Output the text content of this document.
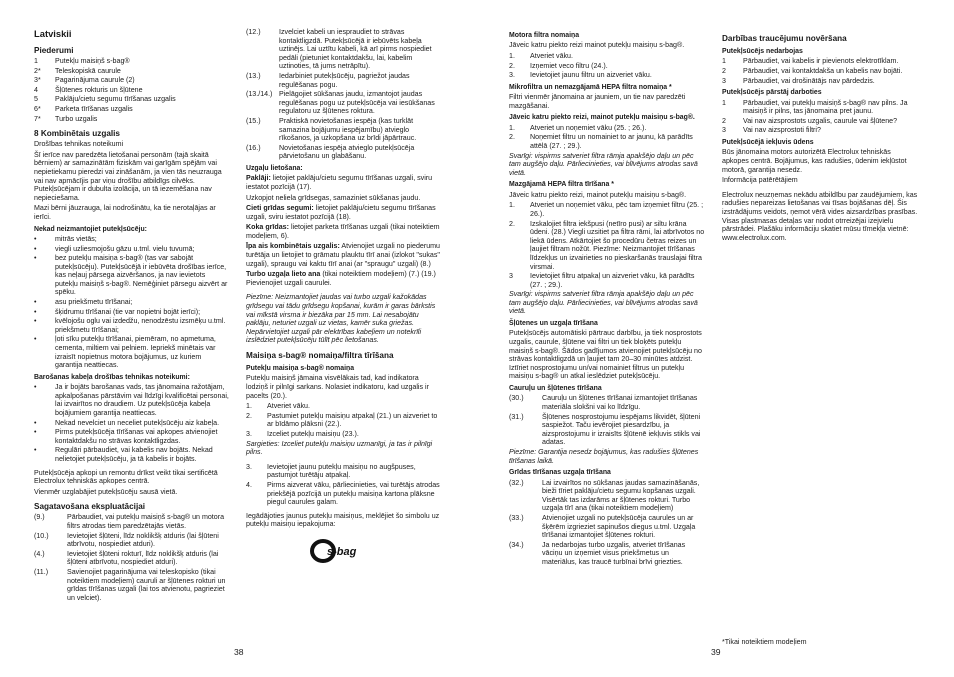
Latviskii
Piederumi
1	Putekļu maisiņš s-bag®
2*	Teleskopiskā caurule
3*	Pagarinājuma caurule (2)
4	Šļūtenes rokturis un šļūtene
5	Paklāju/cietu segumu tīrīšanas uzgalis
6*	Parketa tīrīšanas uzgalis
7*	Turbo uzgalis
8 Kombinētais uzgalis
Drošības tehnikas noteikumi
Šī ierīce nav paredzēta lietošanai personām (tajā skaitā bērniem) ar samazinātām fiziskām vai garīgām spējām vai nepietiekamu pieredzi vai zināšanām, ja vien tās neuzrauga vai nav apmācījis par viņu drošību atbildīgs cilvēks. Putekļsūcējam ir dubulta izolācija, un tā iezemēšana nav nepieciešama.
Mazi bērni jāuzrauga, lai nodrošinātu, ka tie nerotaļājas ar ierīci.
Nekad neizmantojiet putekļsūcēju:
•	mitrās vietās;
•	viegli uzliesmojošu gāzu u.tml. vielu tuvumā;
•	bez putekļu maisiņa s-bag® (tas var sabojāt putekļsūcēju). Putekļsūcējā ir iebūvēta drošības ierīce, kas neļauj pārsega aizvēršanos, ja nav ievietots putekļu maisiņš s-bag®. Nemēģiniet pārsegu aizvērt ar spēku.
•	asu priekšmetu tīrīšanai;
•	šķidrumu tīrīšanai (tie var nopietni bojāt ierīci);
•	kvēlojošu oglu vai izdedžu, nenodzēstu izsmēķu u.tml. priekšmetu tīrīšanai;
•	ļoti sīku putekļu tīrīšanai, piemēram, no apmetuma, cementa, miltiem vai pelniem. Iepriekš minētais var izraisīt nopietnus motora bojājumus, uz kuriem garantija neattiecas.
Barošanas kabeļa drošības tehnikas noteikumi:
•	Ja ir bojāts barošanas vads, tas jānomaina ražotājam, apkalpošanas pārstāvim vai līdzīgi kvalificētai personai, lai izvairītos no draudiem. Uz putekļsūcēja kabeļa bojājumiem garantija neattiecas.
•	Nekad nevelciet un neceliet putekļsūcēju aiz kabeļa.
•	Pirms putekļsūcēja tīrīšanas vai apkopes atvienojiet kontaktdakšu no strāvas kontaktligzdas.
•	Regulāri pārbaudiet, vai kabelis nav bojāts. Nekad nelietojiet putekļsūcēju, ja tā kabelis ir bojāts.
Putekļsūcēja apkopi un remontu drīkst veikt tikai sertificētā Electrolux tehniskās apkopes centrā.
Vienmēr uzglabājiet putekļsūcēju sausā vietā.
Sagatavošana ekspluatācijai
(9.)	Pārbaudiet, vai putekļu maisiņš s-bag® un motora filtrs atrodas tiem paredzētajās vietās.
(10.)	Ievietojiet šļūteni, līdz noklikšķ atduris (lai šļūteni atbrīvotu, nospiediet atduri).
(4.)	Ievietojiet šļūteni rokturī, līdz noklikšķ atduris (lai šļūteni atbrīvotu, nospiediet atduri).
(11.)	Savienojiet pagarinājuma vai teleskopisko (tikai noteiktiem modeļiem) cauruli ar šļūtenes rokturi un grīdas tīrīšanas uzgali (lai tos atvienotu, pagrieziet un velciet).
(12.)	Izvelciet kabeli un iespraudiet to strāvas kontaktligzdā. Putekļsūcējā ir iebūvēts kabeļa uztinējs. Lai uztītu kabeli, kā arī pirms nospiediet pedāli (pietuniet kontaktdakšu, lai, kabelim uztinoties, tā jums netrāpītu).
(13.)	Iedarbiniet putekļsūcēju, pagriežot jaudas regulēšanas pogu.
(13./14.) Pielāgojiet sūkšanas jaudu, izmantojot jaudas regulēšanas pogu uz putekļsūcēja vai iesūkšanas regulatoru uz šļūtenes roktura.
(15.)	Praktiskā novietošanas iespēja (kas turklāt samazina bojājumu iespējamību) atvieglo rīkošanos, ja uzkopšana uz brīdi jāpārtrauc.
(16.)	Novietošanas iespēja atvieglo putekļsūcēja pārvietošanu un glabāšanu.
Uzgaļu lietošana:
Paklāji: lietojiet paklāju/cietu segumu tīrīšanas uzgali, sviru iestatot pozīcijā (17).
Uzkopjot neliela grīdsegas, samaziniet sūkšanas jaudu.
Cieti grīdas segumi: lietojiet paklāju/cietu segumu tīrīšanas uzgali, sviru iestatot pozīcijā (18).
Koka grīdas: lietojiet parketa tīrīšanas uzgali (tikai noteiktiem modeļiem, 6).
Īpa ais kombinētais uzgalis: Atvienojiet uzgali no piederumu turētāja un lietojiet to grāmatu plauktu tīrī anai (izlokot "sukas" uzgali), spraugu vai kaktu tīrī anai (ar "spraugu" uzgali) (8.)
Turbo uzgaļa lieto ana (tikai noteiktiem modeļiem) (7.) (19.) Pievienojiet uzgali caurulei.
Piezīme: Neizmantojiet jaudas vai turbo uzgali kažokādas grīdsegu vai tādu grīdsegu kopšanai, kurām ir garas bārkstis vai mīkstā virsma ir biezāka par 15 mm. Lai nesabojātu paklāju, neturiet uzgali uz vietas, kamēr suka griežas. Nepārvietojiet uzgali pār elektrības kabeļiem un notekrīli izslēdziet putekļsūcēju tūlīt pēc lietošanas.
Maisiņa s-bag® nomaiņa/filtra tīrīšana
Putekļu maisiņa s-bag® nomaiņa
Putekļu maisiņš jāmaina visvēlākais tad, kad indikatora lodziņš ir pilnīgi sarkans. Nolasiet indikatoru, kad uzgalis ir pacelts (20.).
1.	Atveriet vāku.
2.	Pastumiet putekļu maisiņu atpakaļ (21.) un aizveriet to ar bīdāmo plāksni (22.).
3.	Izceliet putekļu maisiņu (23.).
Sargieties: Izceliet putekļu maisiņu uzmanīgi, ja tas ir pilnīgi pilns.
3.	Ievietojiet jaunu putekļu maisiņu no augšpuses, pastumjot turētāju atpakaļ.
4.	Pirms aizverat vāku, pārliecinieties, vai turētājs atrodas priekšējā pozīcijā un putekļu maisiņa kartona plāksne piegul caurules galam.
Iegādājoties jaunus putekļu maisiņus, meklējiet šo simbolu uz putekļu maisiņu iepakojuma:
s-bag
Motora filtra nomaiņa
Jāveic katru piekto reizi mainot putekļu maisiņu s-bag®.
1.	Atveriet vāku.
2.	Izņemiet veco filtru (24.).
3.	Ievietojiet jaunu filtru un aizveriet vāku.
Mikrofiltra un nemazgājamā HEPA filtra nomaiņa *
Filtri vienmēr jānomaina ar jauniem, un tie nav paredzēti mazgāšanai.
Jāveic katru piekto reizi, mainot putekļu maisiņu s-bag®.
1.	Atveriet un noņemiet vāku (25. ; 26.).
2.	Noņemiet filtru un nomainiet to ar jaunu, kā parādīts attēlā (27. ; 29.).
Svarīgi: vispirms satveriet filtra rāmja apakšējo daļu un pēc tam augšējo daļu. Pārliecinieties, vai blīvējums atrodas savā vietā.
Mazgājamā HEPA filtra tīrīšana *
Jāveic katru piekto reizi, mainot putekļu maisiņu s-bag®.
1.	Atveriet un noņemiet vāku, pēc tam izņemiet filtru (25. ; 26.).
2.	Izskalojiet filtra iekšpusi (netīro pusi) ar siltu krāna ūdeni. (28.) Viegli uzsitiet pa filtra rāmi, lai atbrīvotos no liekā ūdens. Atkārtojiet šo procedūru četras reizes un ļaujiet filtram nožūt. Piezīme: Neizmantojiet tīrīšanas līdzekļus un izvairieties no pieskaršanās trauslajai filtra virsmai.
3	Ievietojiet filtru atpakaļ un aizveriet vāku, kā parādīts (27. ; 29.).
Svarīgi: vispirms satveriet filtra rāmja apakšējo daļu un pēc tam augšējo daļu. Pārliecinieties, vai blīvējums atrodas savā vietā.
Šļūtenes un uzgaļa tīrīšana
Putekļsūcējs automātiski pārtrauc darbību, ja tiek nosprostots uzgalis, caurule, šļūtene vai filtri un tiek bloķēts putekļu maisiņš s-bag®. Šādos gadījumos atvienojiet putekļsūcēju no strāvas kontaktligzdā un ļaujiet tam 20–30 minūtes atdzist. Iztīriet nosprostojumu un/vai nomainiet filtrus un putekļu maisiņu s-bag® un atkal ieslēdziet putekļsūcēju.
Cauruļu un šļūtenes tīrīšana
(30.)	Cauruļu un šļūtenes tīrīšanai izmantojiet tīrīšanas materiāla slokšni vai ko līdzīgu.
(31.)	Šļūtenes nosprostojumu iespējams likvidēt, šļūteni saspiežot. Taču ievērojiet piesardzību, ja aizsprostojumu ir izraisīts šļūtenē iekļuvis stikls vai adatas.
Piezīme: Garantija nesedz bojājumus, kas radušies šļūtenes tīrīšanas laikā.
Grīdas tīrīšanas uzgaļa tīrīšana
(32.)	Lai izvairītos no sūkšanas jaudas samazināšanās, bieži tīriet paklāju/cietu segumu kopšanas uzgali. Visērtāk tas izdarāms ar šļūtenes rokturi. Turbo uzgaļa tīrī ana (tikai noteiktiem modeļiem)
(33.)	Atvienojiet uzgali no putekļsūcēja caurules un ar šķērēm izgrieziet sapinušos diegus u.tml. Uzgaļa tīrīšanai izmantojiet šļūtenes rokturi.
(34.)	Ja nedarbojas turbo uzgalis, atveriet tīrīšanas vāciņu un izņemiet visus priekšmetus un materiālus, kas traucē turbīnai brīvi griezties.
Darbības traucējumu novēršana
Putekļsūcējs nedarbojas
1	Pārbaudiet, vai kabelis ir pievienots elektrotīklam.
2	Pārbaudiet, vai kontaktdakša un kabelis nav bojāti.
3	Pārbaudiet, vai drošinātājs nav pārdedzis.
Putekļsūcējs pārstāj darboties
1	Pārbaudiet, vai putekļu maisiņš s-bag® nav pilns. Ja maisiņš ir pilns, tas jānomaina pret jaunu.
2	Vai nav aizsprostots uzgalis, caurule vai šļūtene?
3	Vai nav aizsprostoti filtri?
Putekļsūcējā iekļuvis ūdens
Būs jānomaina motors autorizētā Electrolux tehniskās apkopes centrā. Bojājumus, kas radušies, ūdenim iekļūstot motorā, garantija nesedz.
Informācija patērētājiem
Electrolux neuzņemas nekādu atbildību par zaudējumiem, kas radušies nepareizas lietošanas vai tīsas bojāšanas dēļ. Šis izstrādājums veidots, ņemot vērā vides aizsardzības prasības. Visas plastmasas detaļas var nodot otrreizējai izejvielu pārstrādei. Plašāku informāciju skatiet mūsu tīmekļa vietnē: www.electrolux.com.
*Tikai noteiktiem modeļiem
38	39
